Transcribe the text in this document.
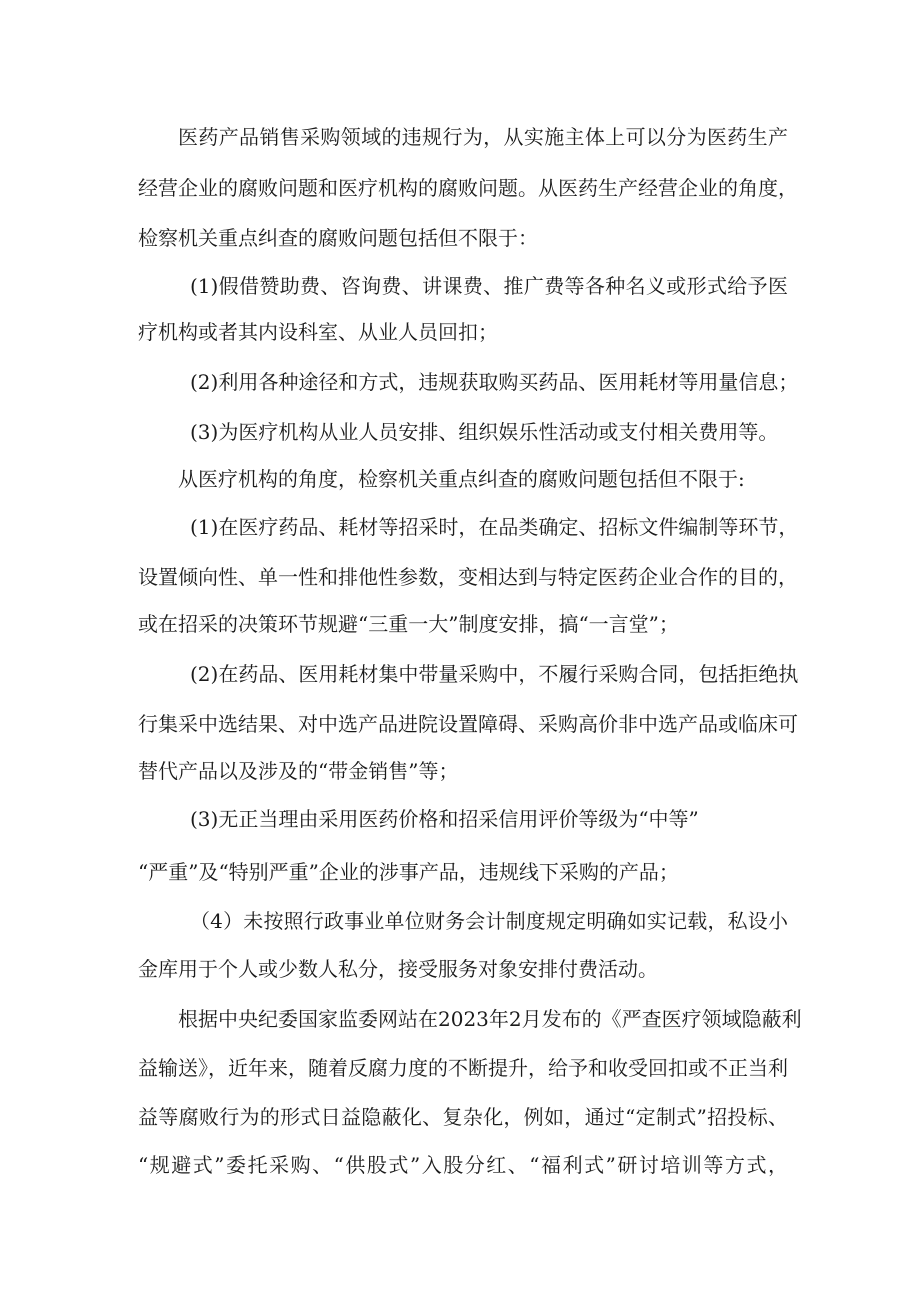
医药产品销售采购领域的违规行为，从实施主体上可以分为医药生产
经营企业的腐败问题和医疗机构的腐败问题。从医药生产经营企业的角度，
检察机关重点纠查的腐败问题包括但不限于：
(1)假借赞助费、咨询费、讲课费、推广费等各种名义或形式给予医
疗机构或者其内设科室、从业人员回扣；
(2)利用各种途径和方式，违规获取购买药品、医用耗材等用量信息；
(3)为医疗机构从业人员安排、组织娱乐性活动或支付相关费用等。
从医疗机构的角度，检察机关重点纠查的腐败问题包括但不限于:
(1)在医疗药品、耗材等招采时，在品类确定、招标文件编制等环节，
设置倾向性、单一性和排他性参数，变相达到与特定医药企业合作的目的，
或在招采的决策环节规避“三重一大”制度安排，搞“一言堂”；
(2)在药品、医用耗材集中带量采购中，不履行采购合同，包括拒绝执
行集采中选结果、对中选产品进院设置障碍、采购高价非中选产品或临床可
替代产品以及涉及的“带金销售”等；
(3)无正当理由采用医药价格和招采信用评价等级为“中等”
“严重”及“特别严重”企业的涉事产品，违规线下采购的产品；
（4）未按照行政事业单位财务会计制度规定明确如实记载，私设小
金库用于个人或少数人私分，接受服务对象安排付费活动。
根据中央纪委国家监委网站在2023年2月发布的《严查医疗领域隐蔽利
益输送》，近年来，随着反腐力度的不断提升，给予和收受回扣或不正当利
益等腐败行为的形式日益隐蔽化、复杂化，例如，通过“定制式”招投标、
“规避式”委托采购、“供股式”入股分红、“福利式”研讨培训等方式，
